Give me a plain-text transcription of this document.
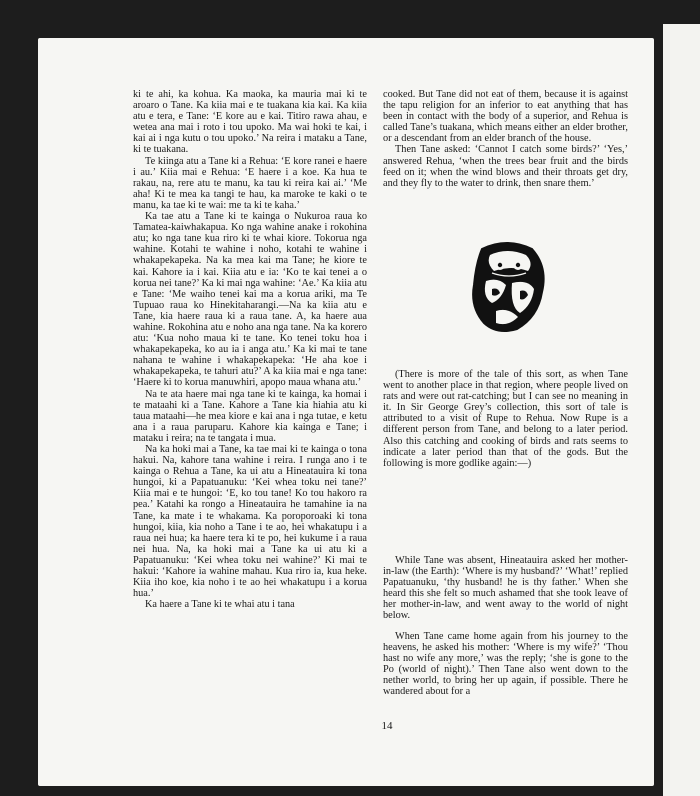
ki te ahi, ka kohua. Ka maoka, ka mauria mai ki te aroaro o Tane. Ka kiia mai e te tuakana kia kai. Ka kiia atu e tera, e Tane: ‘E kore au e kai. Titiro rawa ahau, e wetea ana mai i roto i tou upoko. Ma wai hoki te kai, i kai ai i nga kutu o tou upoko.’ Na reira i mataku a Tane, ki te tuakana.

Te kiinga atu a Tane ki a Rehua: ‘E kore ranei e haere i au.’ Kiia mai e Rehua: ‘E haere i a koe. Ka hua te rakau, na, rere atu te manu, ka tau ki reira kai ai.’ ‘Me aha! Ki te mea ka tangi te hau, ka maroke te kaki o te manu, ka tae ki te wai: me ta ki te kaha.’

Ka tae atu a Tane ki te kainga o Nukuroa raua ko Tamatea-kaiwhakapua. Ko nga wahine anake i rokohina atu; ko nga tane kua riro ki te whai kiore. Tokorua nga wahine. Kotahi te wahine i noho, kotahi te wahine i whakapekapeka. Na ka mea kai ma Tane; he kiore te kai. Kahore ia i kai. Kiia atu e ia: ‘Ko te kai tenei a o korua nei tane?’ Ka ki mai nga wahine: ‘Ae.’ Ka kiia atu e Tane: ‘Me waiho tenei kai ma a korua ariki, ma Te Tupuao raua ko Hinekitaharangi.—Na ka kiia atu e Tane, kia haere raua ki a raua tane. A, ka haere aua wahine. Rokohina atu e noho ana nga tane. Na ka korero atu: ‘Kua noho maua ki te tane. Ko tenei toku hoa i whakapekapeka, ko au ia i anga atu.’ Ka ki mai te tane nahana te wahine i whakapekapeka: ‘He aha koe i whakapekapeka, te tahuri atu?’ A ka kiia mai e nga tane: ‘Haere ki to korua manuwhiri, apopo maua whana atu.’

Na te ata haere mai nga tane ki te kainga, ka homai i te mataahi ki a Tane. Kahore a Tane kia hiahia atu ki taua mataahi—he mea kiore e kai ana i nga tutae, e ketu ana i a raua paruparu. Kahore kia kainga e Tane; i mataku i reira; na te tangata i mua.

Na ka hoki mai a Tane, ka tae mai ki te kainga o tona hakui. Na, kahore tana wahine i reira. I runga ano i te kainga o Rehua a Tane, ka ui atu a Hineatauira ki tona hungoi, ki a Papatuanuku: ‘Kei whea toku nei tane?’ Kiia mai e te hungoi: ‘E, ko tou tane! Ko tou hakoro ra pea.’ Katahi ka rongo a Hineatauira he tamahine ia na Tane, ka mate i te whakama. Ka poroporoaki ki tona hungoi, kiia, kia noho a Tane i te ao, hei whakatupu i a raua nei hua; ka haere tera ki te po, hei kukume i a raua nei hua. Na, ka hoki mai a Tane ka ui atu ki a Papatuanuku: ‘Kei whea toku nei wahine?’ Ki mai te hakui: ‘Kahore ia wahine mahau. Kua riro ia, kua heke. Kiia iho koe, kia noho i te ao hei whakatupu i a korua hua.’

Ka haere a Tane ki te whai atu i tana

cooked. But Tane did not eat of them, because it is against the tapu religion for an inferior to eat anything that has been in contact with the body of a superior, and Rehua is called Tane’s tuakana, which means either an elder brother, or a descendant from an elder branch of the house.

Then Tane asked: ‘Cannot I catch some birds?’ ‘Yes,’ answered Rehua, ‘when the trees bear fruit and the birds feed on it; when the wind blows and their throats get dry, and they fly to the water to drink, then snare them.’

(There is more of the tale of this sort, as when Tane went to another place in that region, where people lived on rats and were out rat-catching; but I can see no meaning in it. In Sir George Grey’s collection, this sort of tale is attributed to a visit of Rupe to Rehua. Now Rupe is a different person from Tane, and belong to a later period. Also this catching and cooking of birds and rats seems to indicate a later period than that of the gods. But the following is more godlike again:—)

While Tane was absent, Hineatauira asked her mother-in-law (the Earth): ‘Where is my husband?’ ‘What!’ replied Papatuanuku, ‘thy husband! he is thy father.’ When she heard this she felt so much ashamed that she took leave of her mother-in-law, and went away to the world of night below.

When Tane came home again from his journey to the heavens, he asked his mother: ‘Where is my wife?’ ‘Thou hast no wife any more,’ was the reply; ‘she is gone to the Po (world of night).’ Then Tane also went down to the nether world, to bring her up again, if possible. There he wandered about for a

14
